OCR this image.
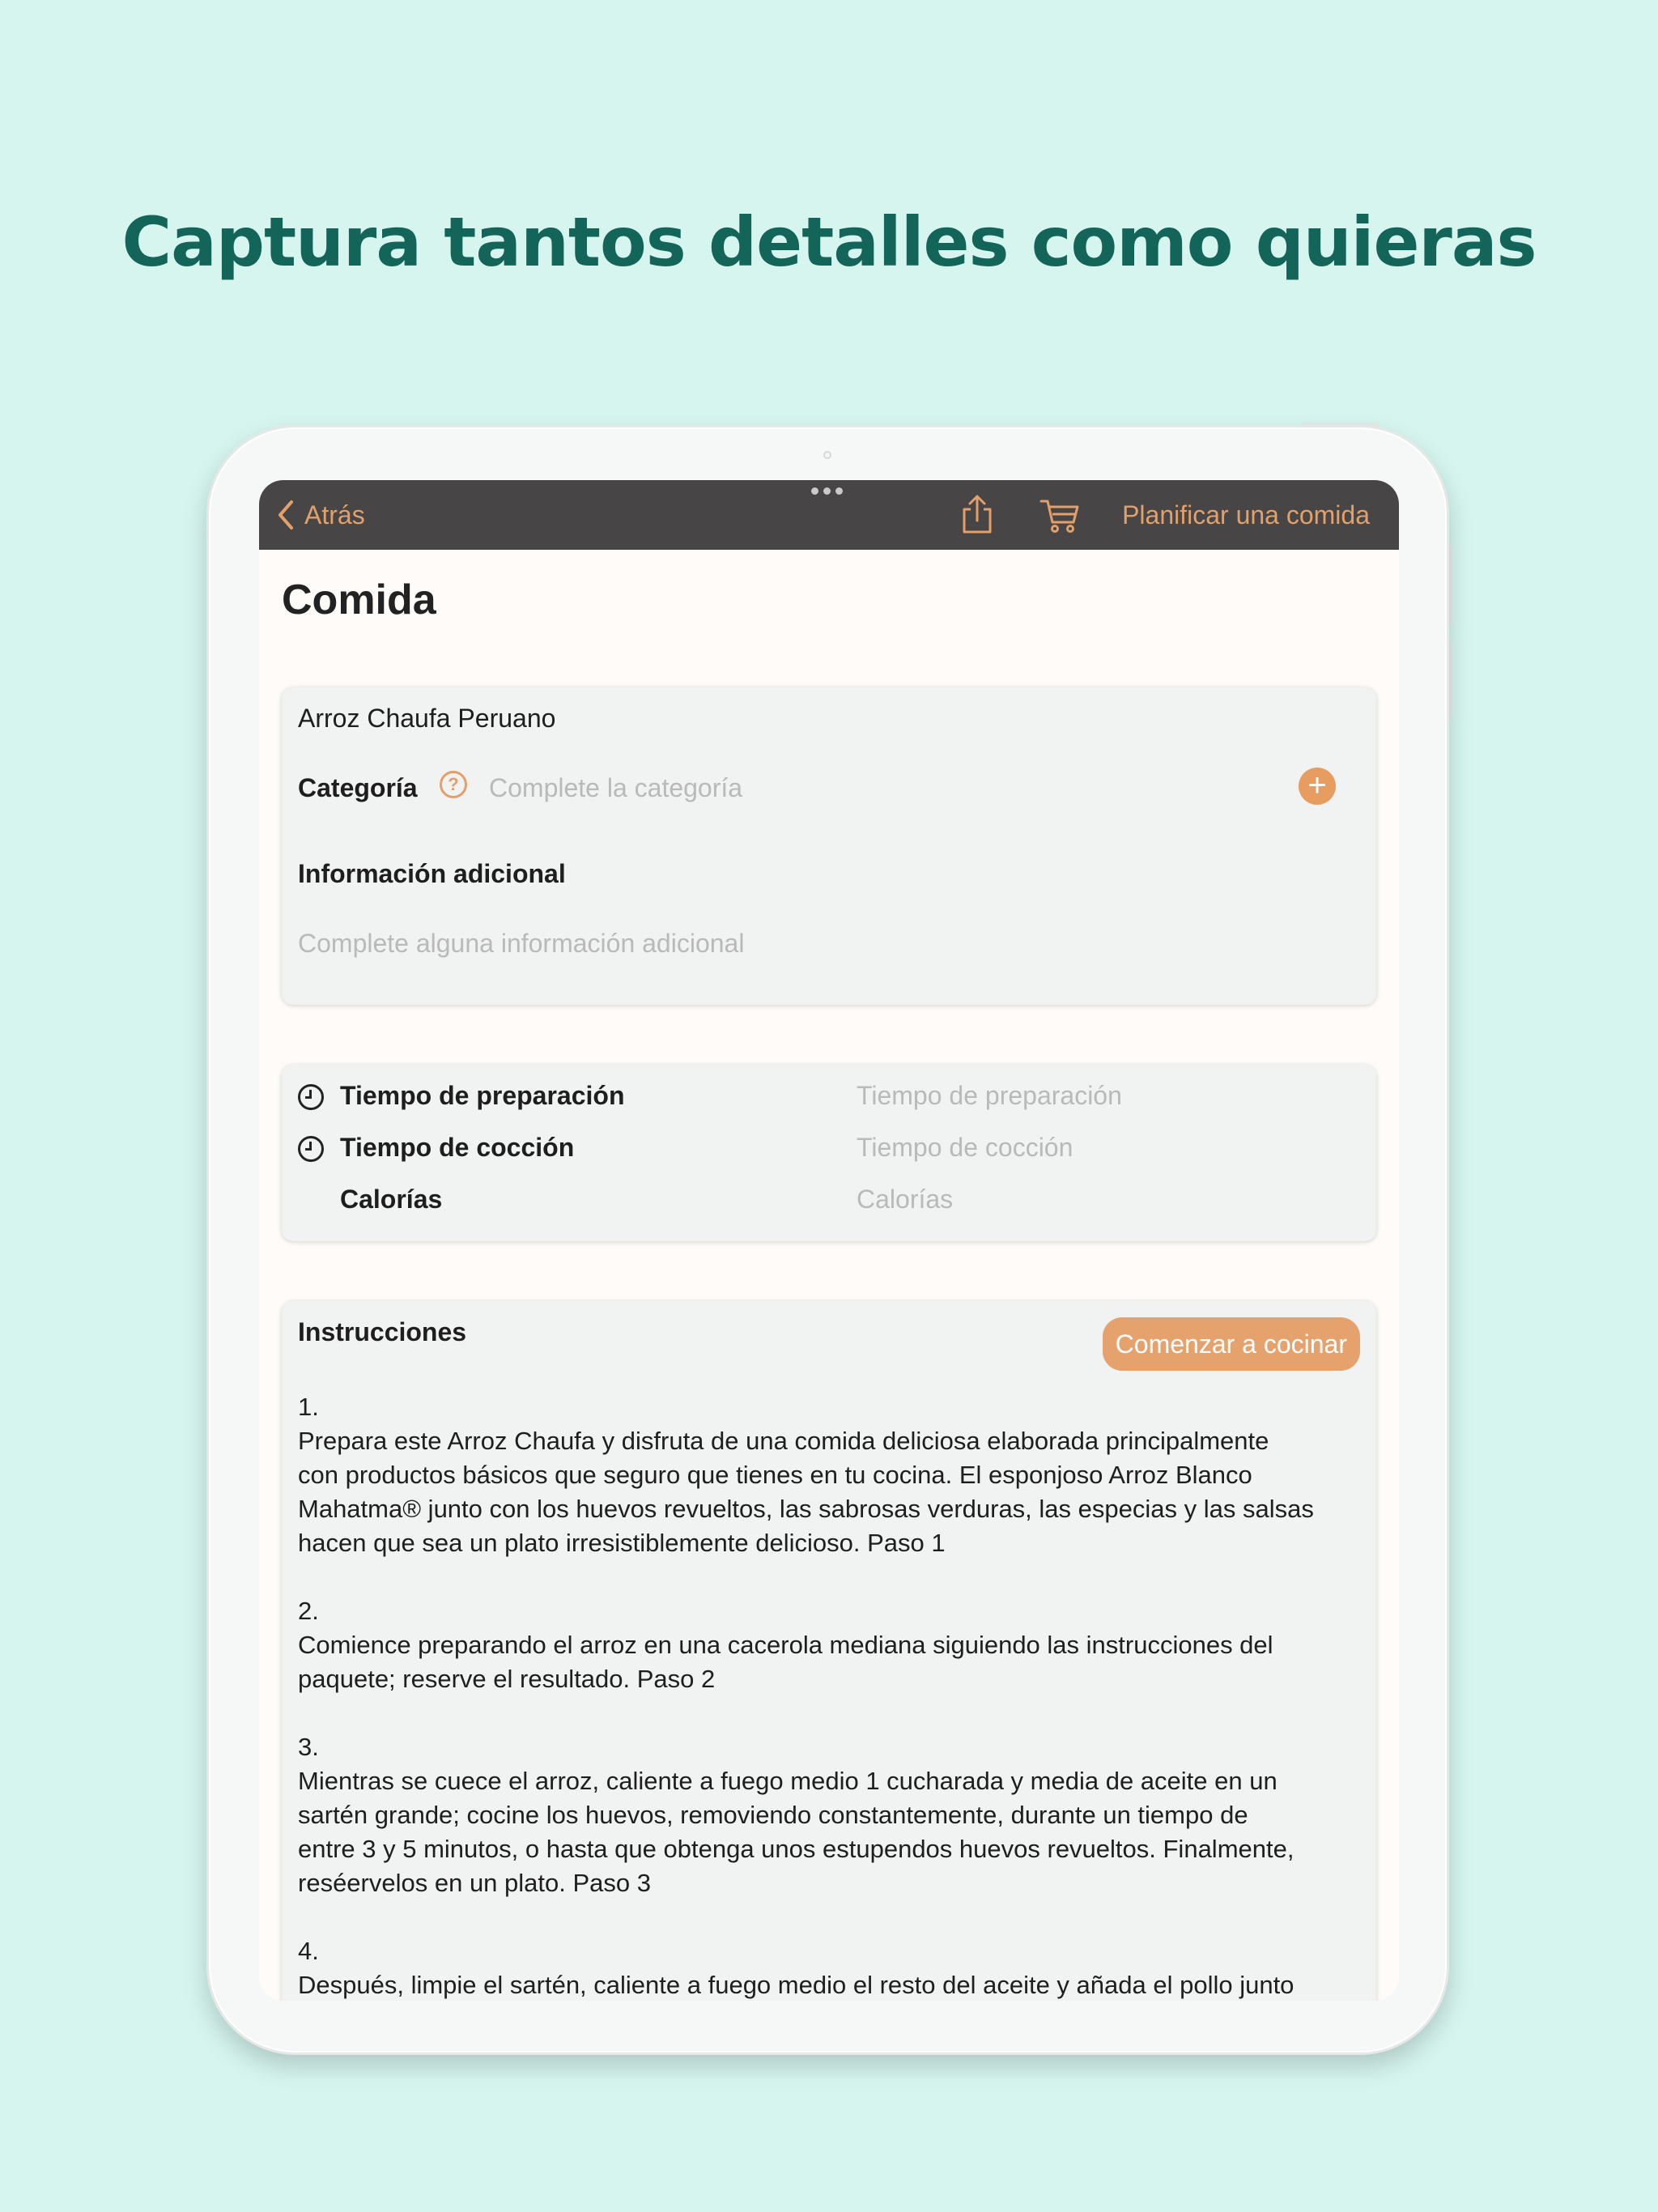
Captura tantos detalles como quieras
Atrás	Planificar una comida
Comida
Arroz Chaufa Peruano
Categoría	?	Complete la categoría	+
Información adicional
Complete alguna información adicional
Tiempo de preparación	Tiempo de preparación
Tiempo de cocción	Tiempo de cocción
Calorías	Calorías
Instrucciones	Comenzar a cocinar
1.
Prepara este Arroz Chaufa y disfruta de una comida deliciosa elaborada principalmente
con productos básicos que seguro que tienes en tu cocina. El esponjoso Arroz Blanco
Mahatma® junto con los huevos revueltos, las sabrosas verduras, las especias y las salsas
hacen que sea un plato irresistiblemente delicioso. Paso 1

2.
Comience preparando el arroz en una cacerola mediana siguiendo las instrucciones del
paquete; reserve el resultado. Paso 2

3.
Mientras se cuece el arroz, caliente a fuego medio 1 cucharada y media de aceite en un
sartén grande; cocine los huevos, removiendo constantemente, durante un tiempo de
entre 3 y 5 minutos, o hasta que obtenga unos estupendos huevos revueltos. Finalmente,
reséervelos en un plato. Paso 3

4.
Después, limpie el sartén, caliente a fuego medio el resto del aceite y añada el pollo junto
